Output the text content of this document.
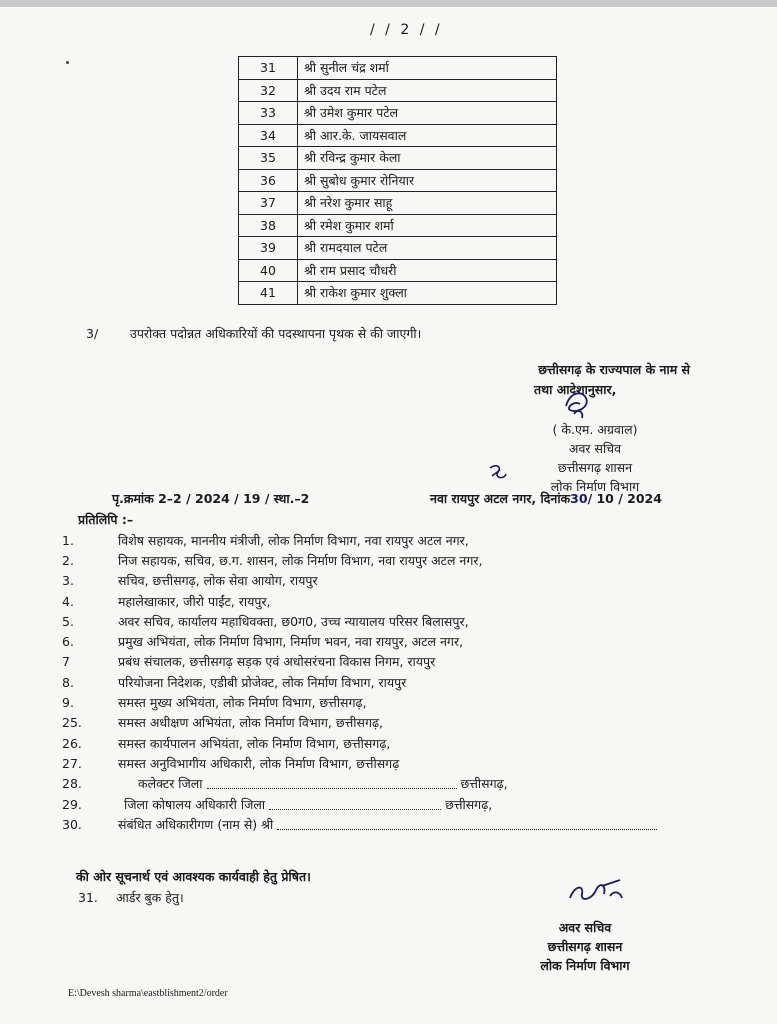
/ / 2 / /
31	श्री सुनील चंद्र शर्मा
32	श्री उदय राम पटेल
33	श्री उमेश कुमार पटेल
34	श्री आर.के. जायसवाल
35	श्री रविन्द्र कुमार केला
36	श्री सुबोध कुमार रोनियार
37	श्री नरेश कुमार साहू
38	श्री रमेश कुमार शर्मा
39	श्री रामदयाल पटेल
40	श्री राम प्रसाद चौधरी
41	श्री राकेश कुमार शुक्ला
3/	उपरोक्त पदोन्नत अधिकारियों की पदस्थापना पृथक से की जाएगी।
छत्तीसगढ़ के राज्यपाल के नाम से
तथा आदेशानुसार,
( के.एम. अग्रवाल)
अवर सचिव
छत्तीसगढ़ शासन
लोक निर्माण विभाग
पृ.क्रमांक 2–2 / 2024 / 19 / स्था.–2	नवा रायपुर अटल नगर, दिनांक30/ 10 / 2024
प्रतिलिपि :–
1.	विशेष सहायक, माननीय मंत्रीजी, लोक निर्माण विभाग, नवा रायपुर अटल नगर,
2.	निज सहायक, सचिव, छ.ग. शासन, लोक निर्माण विभाग, नवा रायपुर अटल नगर,
3.	सचिव, छत्तीसगढ़, लोक सेवा आयोग, रायपुर
4.	महालेखाकार, जीरो पाईंट, रायपुर,
5.	अवर सचिव, कार्यालय महाधिवक्ता, छ0ग0, उच्च न्यायालय परिसर बिलासपुर,
6.	प्रमुख अभियंता, लोक निर्माण विभाग, निर्माण भवन, नवा रायपुर, अटल नगर,
7	प्रबंध संचालक, छत्तीसगढ़ सड़क एवं अधोसरंचना विकास निगम, रायपुर
8.	परियोजना निदेशक, एडीबी प्रोजेक्ट, लोक निर्माण विभाग, रायपुर
9.	समस्त मुख्य अभियंता, लोक निर्माण विभाग, छत्तीसगढ़,
25.	समस्त अधीक्षण अभियंता, लोक निर्माण विभाग, छत्तीसगढ़,
26.	समस्त कार्यपालन अभियंता, लोक निर्माण विभाग, छत्तीसगढ़,
27.	समस्त अनुविभागीय अधिकारी, लोक निर्माण विभाग, छत्तीसगढ़
28.	कलेक्टर जिला	छत्तीसगढ़,
29.	जिला कोषालय अधिकारी जिला	छत्तीसगढ़,
30.	संबंधित अधिकारीगण (नाम से) श्री
की ओर सूचनार्थ एवं आवश्यक कार्यवाही हेतु प्रेषित।
31. आर्डर बुक हेतु।
अवर सचिव
छत्तीसगढ़ शासन
लोक निर्माण विभाग
E:\Devesh sharma\eastblishment2/order
